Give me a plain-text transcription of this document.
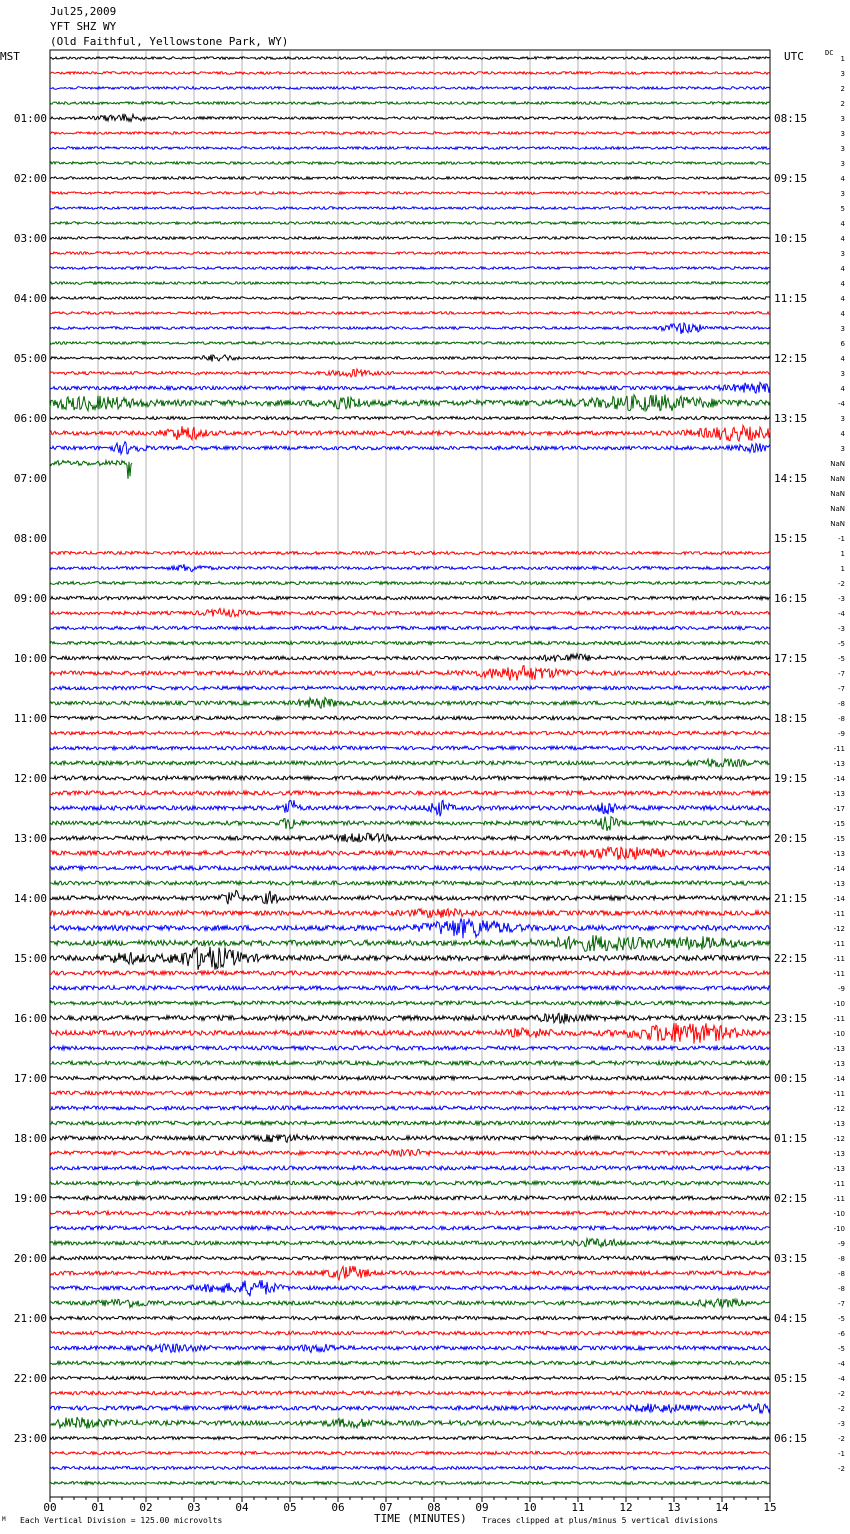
Jul25,2009
YFT SHZ WY
(Old Faithful, Yellowstone Park, WY)
MST	UTC	DC
01:00
02:00
03:00
04:00
05:00
06:00
07:00
08:00
09:00
10:00
11:00
12:00
13:00
14:00
15:00
16:00
17:00
18:00
19:00
20:00
21:00
22:00
23:00
08:15
09:15
10:15
11:15
12:15
13:15
14:15
15:15
16:15
17:15
18:15
19:15
20:15
21:15
22:15
23:15
00:15
01:15
02:15
03:15
04:15
05:15
06:15
1
3
2
2
3
3
3
3
4
3
5
4
4
3
4
4
4
4
3
6
4
3
4
-4
3
4
3
NaN
NaN
NaN
NaN
NaN
-1
1
1
-2
-3
-4
-3
-5
-5
-7
-7
-8
-8
-9
-11
-13
-14
-13
-17
-15
-15
-13
-14
-13
-14
-11
-12
-11
-11
-11
-9
-10
-11
-10
-13
-13
-14
-11
-12
-13
-12
-13
-13
-11
-11
-10
-10
-9
-8
-8
-8
-7
-5
-6
-5
-4
-4
-2
-2
-3
-2
-1
-2
00	01	02	03	04	05	06	07	08	09	10	11	12	13	14	15
M Each Vertical Division = 125.00 microvolts	TIME (MINUTES) Traces clipped at plus/minus 5 vertical divisions
